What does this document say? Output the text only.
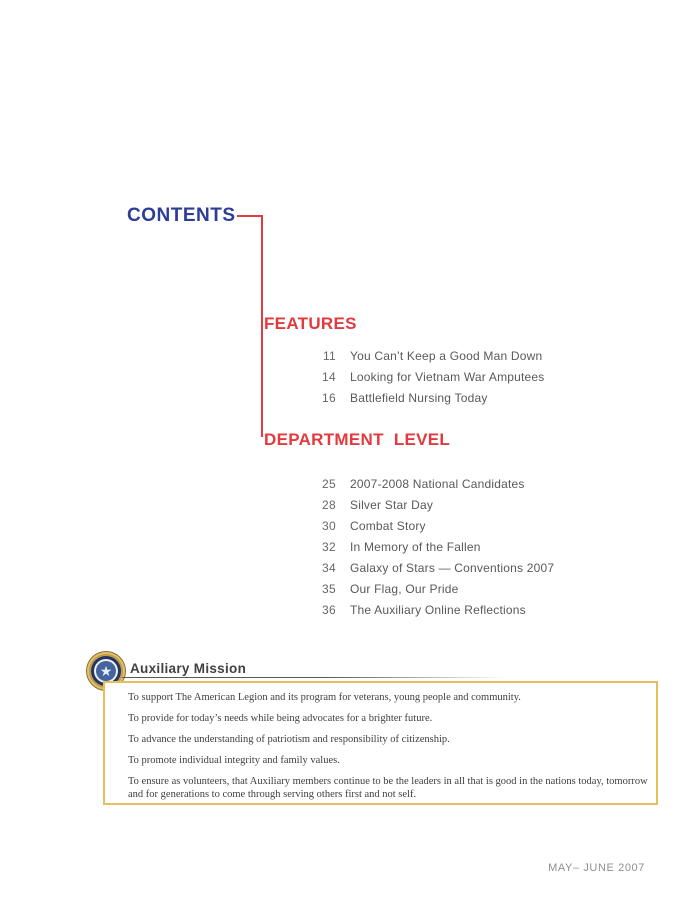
CONTENTS
FEATURES
11 You Can’t Keep a Good Man Down
14 Looking for Vietnam War Amputees
16 Battlefield Nursing Today
DEPARTMENT LEVEL
25 2007-2008 National Candidates
28 Silver Star Day
30 Combat Story
32 In Memory of the Fallen
34 Galaxy of Stars — Conventions 2007
35 Our Flag, Our Pride
36 The Auxiliary Online Reflections
★ Auxiliary Mission

To support The American Legion and its program for veterans, young people and community.

To provide for today’s needs while being advocates for a brighter future.

To advance the understanding of patriotism and responsibility of citizenship.

To promote individual integrity and family values.

To ensure as volunteers, that Auxiliary members continue to be the leaders in all that is good in the nations today, tomorrow and for generations to come through serving others first and not self.

MAY– JUNE 2007
